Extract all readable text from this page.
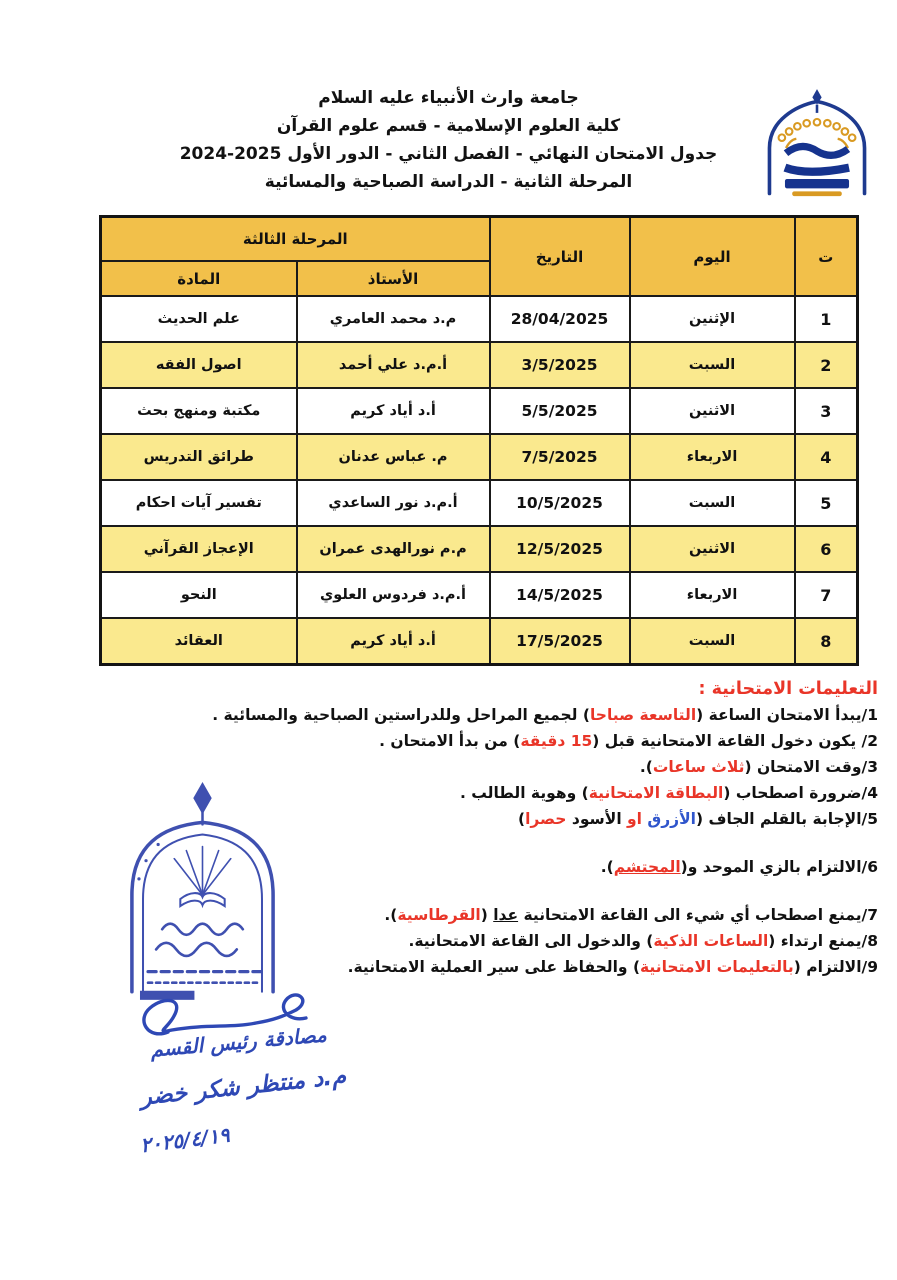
جامعة وارث الأنبياء عليه السلام
كلية العلوم الإسلامية - قسم علوم القرآن
جدول الامتحان النهائي - الفصل الثاني - الدور الأول 2025-2024
المرحلة الثانية - الدراسة الصباحية والمسائية
ت	اليوم	التاريخ	المرحلة الثالثة	
			الأستاذ	المادة
1	الإثنين	28/04/2025	م.د محمد العامري	علم الحديث
2	السبت	3/5/2025	أ.م.د علي أحمد	اصول الفقه
3	الاثنين	5/5/2025	أ.د أياد كريم	مكتبة ومنهج بحث
4	الاربعاء	7/5/2025	م. عباس عدنان	طرائق التدريس
5	السبت	10/5/2025	أ.م.د نور الساعدي	تفسير آيات احكام
6	الاثنين	12/5/2025	م.م نورالهدى عمران	الإعجاز القرآني
7	الاربعاء	14/5/2025	أ.م.د فردوس العلوي	النحو
8	السبت	17/5/2025	أ.د أياد كريم	العقائد
التعليمات الامتحانية :
1/يبدأ الامتحان الساعة (التاسعة صباحا) لجميع المراحل وللدراستين الصباحية والمسائية .
2/ يكون دخول القاعة الامتحانية قبل (15 دقيقة) من بدأ الامتحان .
3/وقت الامتحان (ثلاث ساعات).
4/ضرورة اصطحاب (البطاقة الامتحانية) وهوية الطالب .
5/الإجابة بالقلم الجاف (الأزرق او الأسود حصرا)
6/الالتزام بالزي الموحد و(المحتشم).
7/يمنع اصطحاب أي شيء الى القاعة الامتحانية عدا (القرطاسية).
8/يمنع ارتداء (الساعات الذكية) والدخول الى القاعة الامتحانية.
9/الالتزام (بالتعليمات الامتحانية) والحفاظ على سير العملية الامتحانية.
مصادقة رئيس القسم
م.د منتظر شكر خضر
٢٠٢٥/٤/١٩
